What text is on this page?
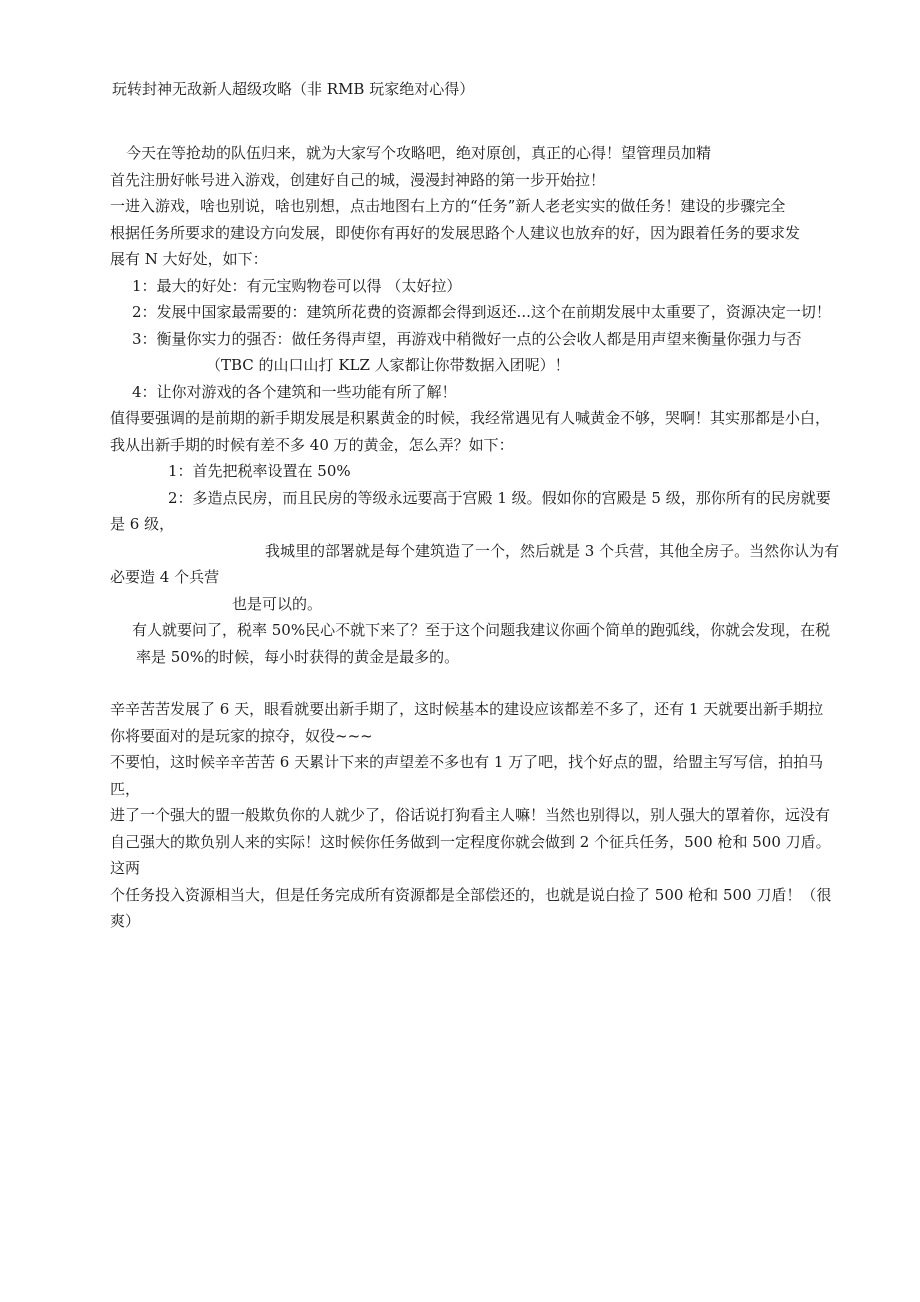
玩转封神无敌新人超级攻略（非 RMB 玩家绝对心得）

今天在等抢劫的队伍归来，就为大家写个攻略吧，绝对原创，真正的心得！望管理员加精

首先注册好帐号进入游戏，创建好自己的城，漫漫封神路的第一步开始拉！

一进入游戏，啥也别说，啥也别想，点击地图右上方的“任务”新人老老实实的做任务！建设的步骤完全

根据任务所要求的建设方向发展，即使你有再好的发展思路个人建议也放弃的好，因为跟着任务的要求发

展有 N 大好处，如下：

1：最大的好处：有元宝购物卷可以得 （太好拉）

2：发展中国家最需要的：建筑所花费的资源都会得到返还...这个在前期发展中太重要了，资源决定一切！

3：衡量你实力的强否：做任务得声望，再游戏中稍微好一点的公会收人都是用声望来衡量你强力与否

（TBC 的山口山打 KLZ 人家都让你带数据入团呢）！

4：让你对游戏的各个建筑和一些功能有所了解！

值得要强调的是前期的新手期发展是积累黄金的时候，我经常遇见有人喊黄金不够，哭啊！其实那都是小白，

我从出新手期的时候有差不多 40 万的黄金，怎么弄？如下：

1：首先把税率设置在 50%

2：多造点民房，而且民房的等级永远要高于宫殿 1 级。假如你的宫殿是 5 级，那你所有的民房就要是 6 级，

我城里的部署就是每个建筑造了一个，然后就是 3 个兵营，其他全房子。当然你认为有必要造 4 个兵营

也是可以的。

有人就要问了，税率 50%民心不就下来了？至于这个问题我建议你画个简单的跑弧线，你就会发现，在税

率是 50%的时候，每小时获得的黄金是最多的。

辛辛苦苦发展了 6 天，眼看就要出新手期了，这时候基本的建设应该都差不多了，还有 1 天就要出新手期拉

你将要面对的是玩家的掠夺，奴役~~~

不要怕，这时候辛辛苦苦 6 天累计下来的声望差不多也有 1 万了吧，找个好点的盟，给盟主写写信，拍拍马匹，

进了一个强大的盟一般欺负你的人就少了，俗话说打狗看主人嘛！当然也别得以，别人强大的罩着你，远没有

自己强大的欺负别人来的实际！这时候你任务做到一定程度你就会做到 2 个征兵任务，500 枪和 500 刀盾。这两

个任务投入资源相当大，但是任务完成所有资源都是全部偿还的，也就是说白捡了 500 枪和 500 刀盾！（很爽）
